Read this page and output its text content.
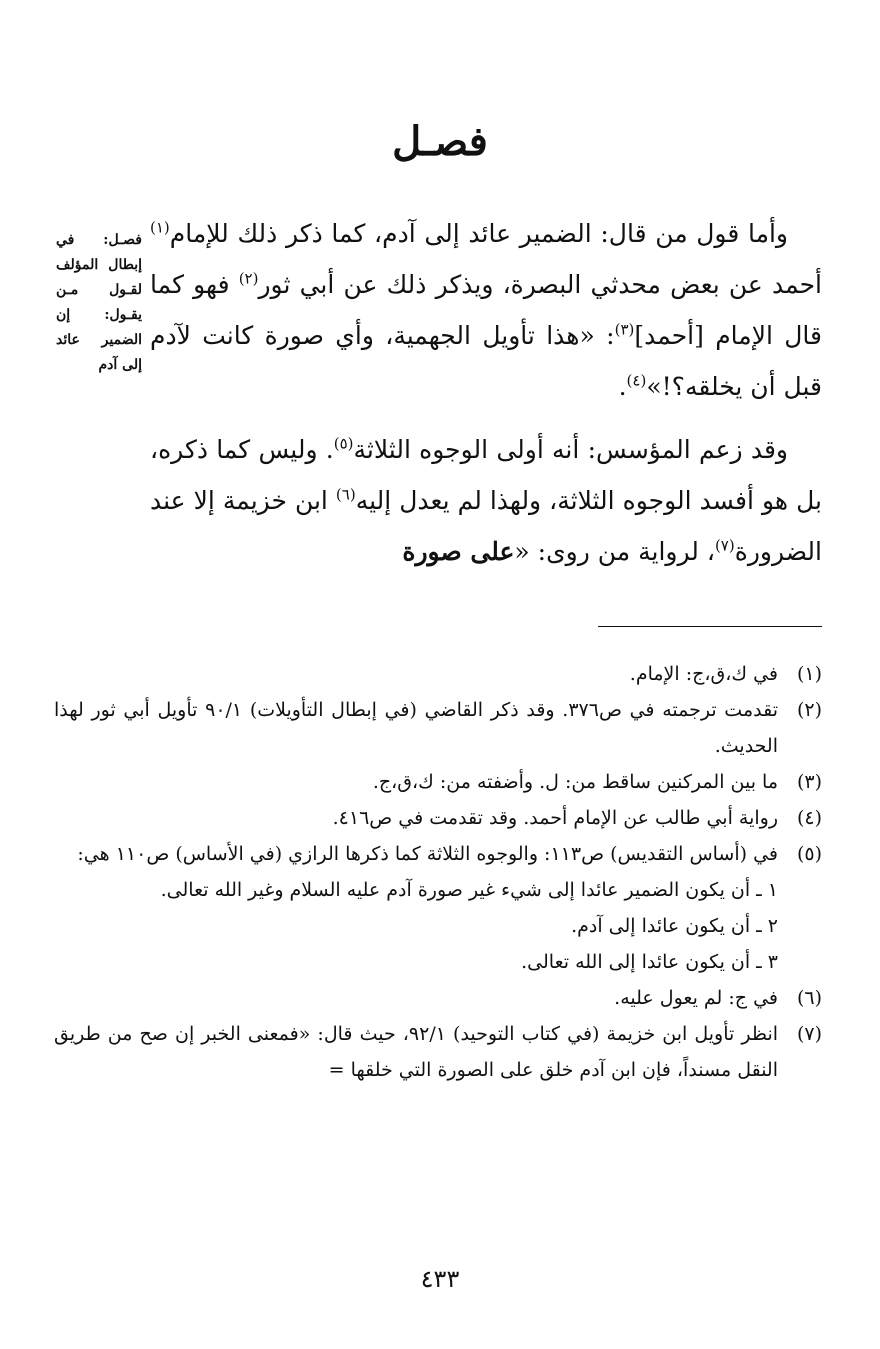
فصـل
فصـل: في إبطال المؤلف لقـول مـن يقـول: إن الضمير عائد إلى آدم

وأما قول من قال: الضمير عائد إلى آدم، كما ذكر ذلك للإمام$^{(١)}$ أحمد عن بعض محدثي البصرة، ويذكر ذلك عن أبي ثور$^{(٢)}$ فهو كما قال الإمام [أحمد]$^{(٣)}$: «هذا تأويل الجهمية، وأي صورة كانت لآدم قبل أن يخلقه؟!»$^{(٤)}$.

وقد زعم المؤسس: أنه أولى الوجوه الثلاثة$^{(٥)}$. وليس كما ذكره، بل هو أفسد الوجوه الثلاثة، ولهذا لم يعدل إليه$^{(٦)}$ ابن خزيمة إلا عند الضرورة$^{(٧)}$، لرواية من روى: «على صورة

(١)
في ك،ق،ج: الإمام.
(٢)
تقدمت ترجمته في ص٣٧٦. وقد ذكر القاضي (في إبطال التأويلات) ٩٠/١ تأويل أبي ثور لهذا الحديث.
(٣)
ما بين المركنين ساقط من: ل. وأضفته من: ك،ق،ج.
(٤)
رواية أبي طالب عن الإمام أحمد. وقد تقدمت في ص٤١٦.
(٥)
في (أساس التقديس) ص١١٣: والوجوه الثلاثة كما ذكرها الرازي (في الأساس) ص١١٠ هي:
١ ـ أن يكون الضمير عائدا إلى شيء غير صورة آدم عليه السلام وغير الله تعالى.
٢ ـ أن يكون عائدا إلى آدم.
٣ ـ أن يكون عائدا إلى الله تعالى.
(٦)
في ج: لم يعول عليه.
(٧)
انظر تأويل ابن خزيمة (في كتاب التوحيد) ٩٢/١، حيث قال: «فمعنى الخبر إن صح من طريق النقل مسنداً، فإن ابن آدم خلق على الصورة التي خلقها =
٤٣٣
